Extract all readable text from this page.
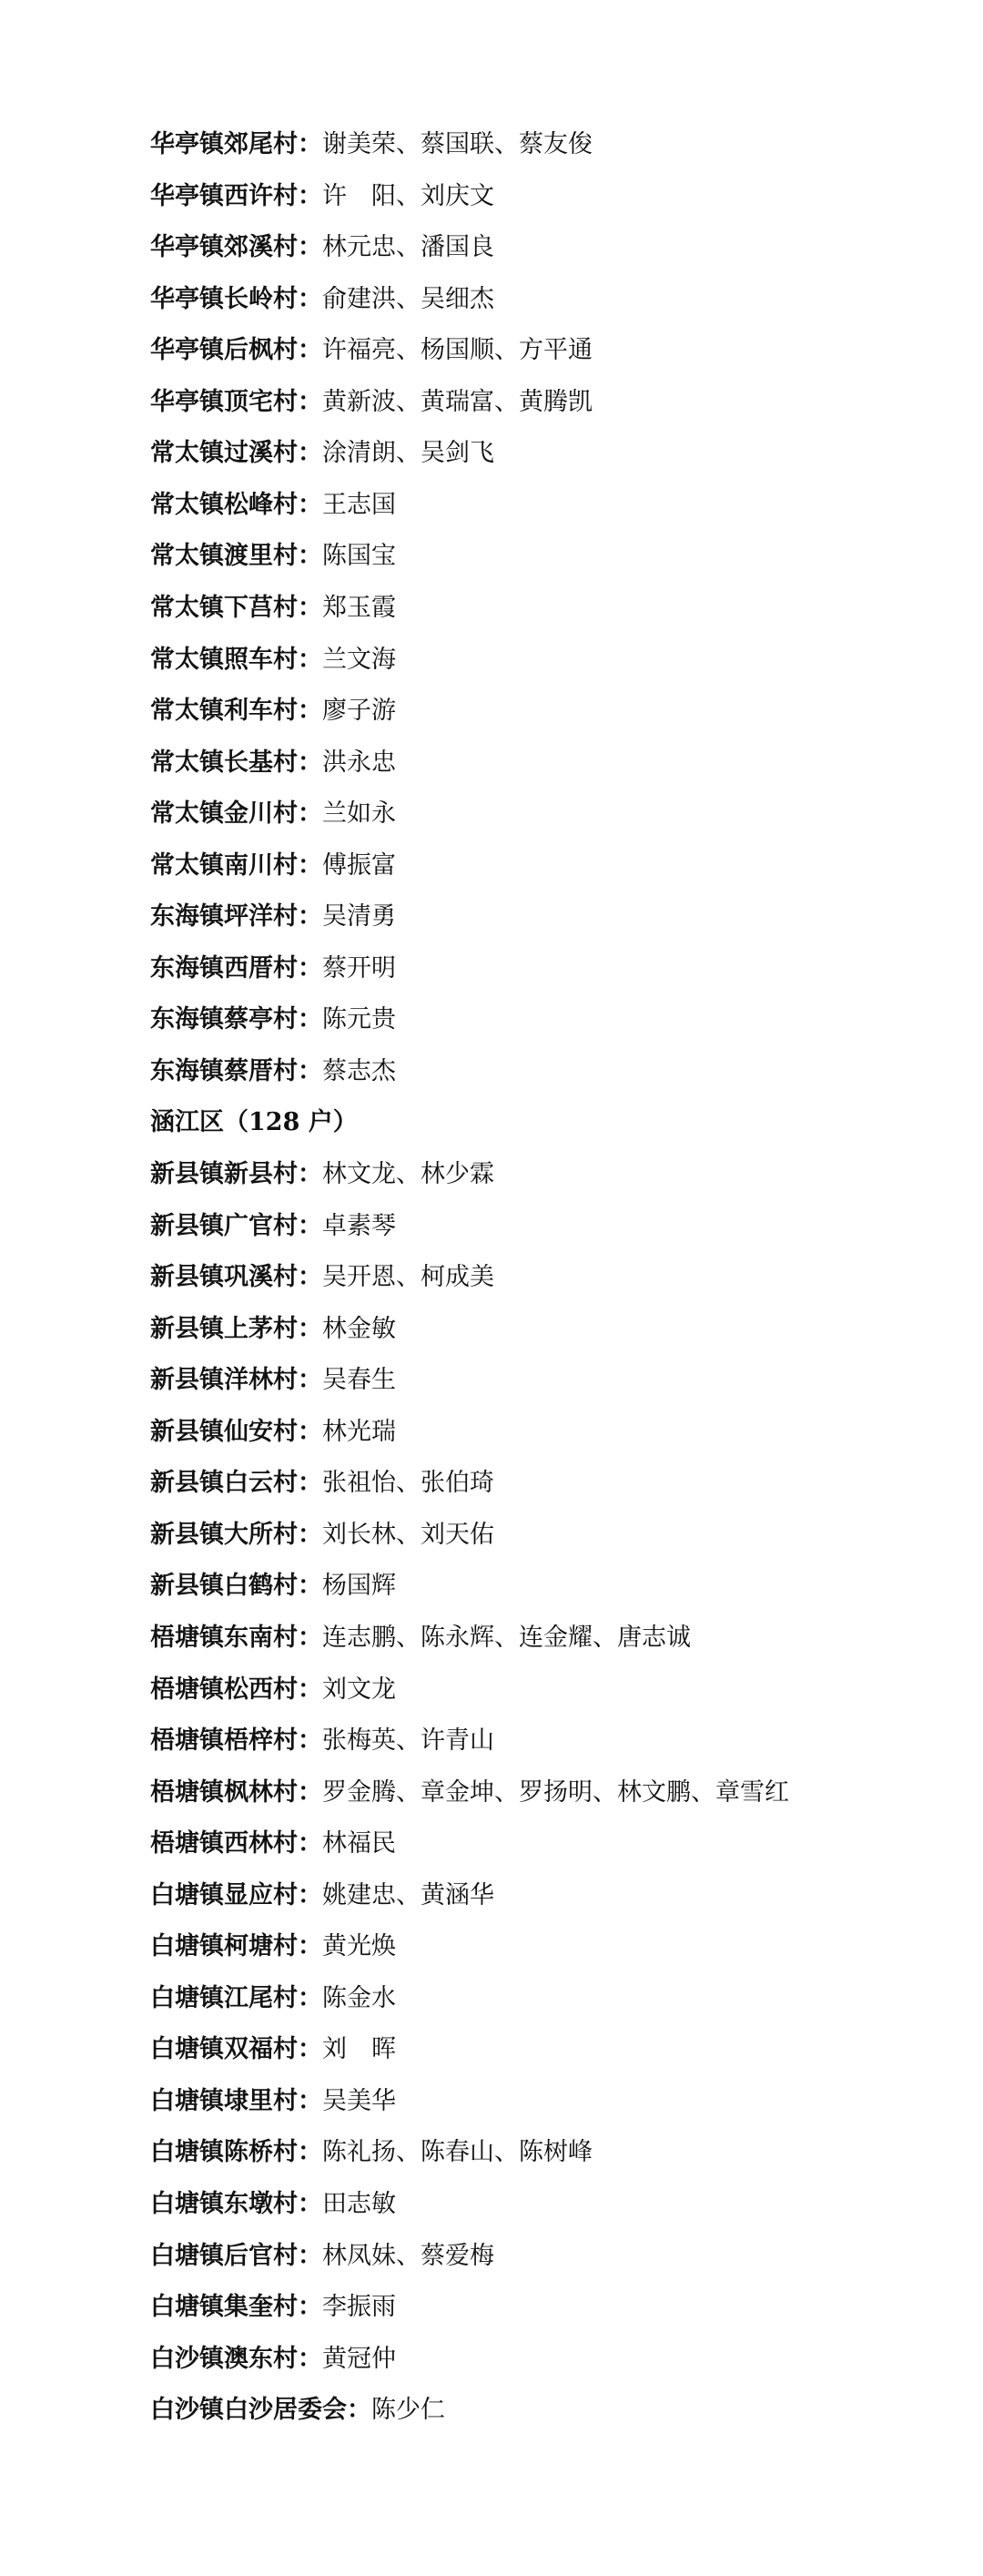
华亭镇郊尾村：谢美荣、蔡国联、蔡友俊
华亭镇西许村：许　阳、刘庆文
华亭镇郊溪村：林元忠、潘国良
华亭镇长岭村：俞建洪、吴细杰
华亭镇后枫村：许福亮、杨国顺、方平通
华亭镇顶宅村：黄新波、黄瑞富、黄腾凯
常太镇过溪村：涂清朗、吴剑飞
常太镇松峰村：王志国
常太镇渡里村：陈国宝
常太镇下莒村：郑玉霞
常太镇照车村：兰文海
常太镇利车村：廖子游
常太镇长基村：洪永忠
常太镇金川村：兰如永
常太镇南川村：傅振富
东海镇坪洋村：吴清勇
东海镇西厝村：蔡开明
东海镇蔡亭村：陈元贵
东海镇蔡厝村：蔡志杰
涵江区（128 户）
新县镇新县村：林文龙、林少霖
新县镇广官村：卓素琴
新县镇巩溪村：吴开恩、柯成美
新县镇上茅村：林金敏
新县镇洋林村：吴春生
新县镇仙安村：林光瑞
新县镇白云村：张祖怡、张伯琦
新县镇大所村：刘长林、刘天佑
新县镇白鹤村：杨国辉
梧塘镇东南村：连志鹏、陈永辉、连金耀、唐志诚
梧塘镇松西村：刘文龙
梧塘镇梧梓村：张梅英、许青山
梧塘镇枫林村：罗金腾、章金坤、罗扬明、林文鹏、章雪红
梧塘镇西林村：林福民
白塘镇显应村：姚建忠、黄涵华
白塘镇柯塘村：黄光焕
白塘镇江尾村：陈金水
白塘镇双福村：刘　晖
白塘镇埭里村：吴美华
白塘镇陈桥村：陈礼扬、陈春山、陈树峰
白塘镇东墩村：田志敏
白塘镇后官村：林凤妹、蔡爱梅
白塘镇集奎村：李振雨
白沙镇澳东村：黄冠仲
白沙镇白沙居委会：陈少仁
